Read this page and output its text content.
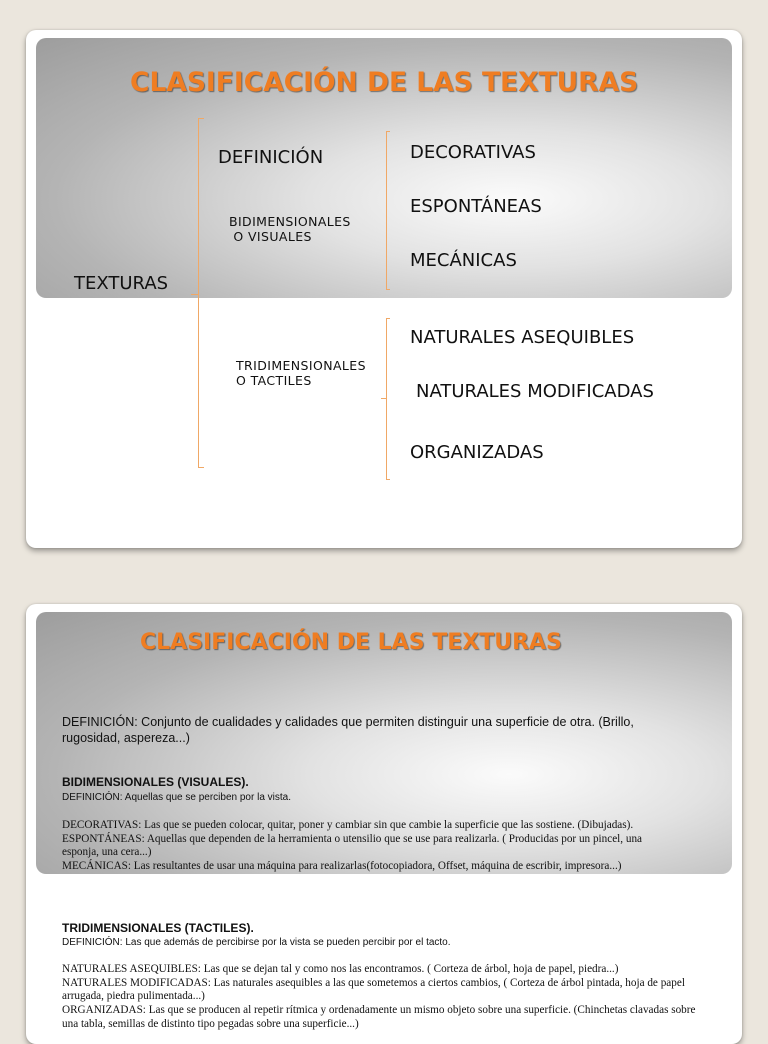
CLASIFICACIÓN DE LAS TEXTURAS
DEFINICIÓN
BIDIMENSIONALES
O VISUALES
TEXTURAS
TRIDIMENSIONALES
O TACTILES
DECORATIVAS
ESPONTÁNEAS
MECÁNICAS
NATURALES ASEQUIBLES
NATURALES MODIFICADAS
ORGANIZADAS
CLASIFICACIÓN DE LAS TEXTURAS
DEFINICIÓN: Conjunto de cualidades y calidades que permiten distinguir una superficie de otra. (Brillo, rugosidad, aspereza...)
BIDIMENSIONALES (VISUALES).
DEFINICIÓN: Aquellas que se perciben por la vista.
DECORATIVAS: Las que se pueden colocar, quitar, poner y cambiar sin que cambie la superficie que las sostiene. (Dibujadas).
ESPONTÁNEAS: Aquellas que dependen de la herramienta o utensilio que se use para realizarla. ( Producidas por un pincel, una esponja, una cera...)
MECÁNICAS: Las resultantes de usar una máquina para realizarlas(fotocopiadora, Offset, máquina de escribir, impresora...)
TRIDIMENSIONALES (TACTILES).
DEFINICIÓN: Las que además de percibirse por la vista se pueden percibir por el tacto.
NATURALES ASEQUIBLES: Las que se dejan tal y como nos las encontramos. ( Corteza de árbol, hoja de papel, piedra...)
NATURALES MODIFICADAS: Las naturales asequibles a las que sometemos a ciertos cambios, ( Corteza de árbol pintada, hoja de papel arrugada, piedra pulimentada...)
ORGANIZADAS: Las que se producen al repetir rítmica y ordenadamente un mismo objeto sobre una superficie. (Chinchetas clavadas sobre una tabla, semillas de distinto tipo pegadas sobre una superficie...)
